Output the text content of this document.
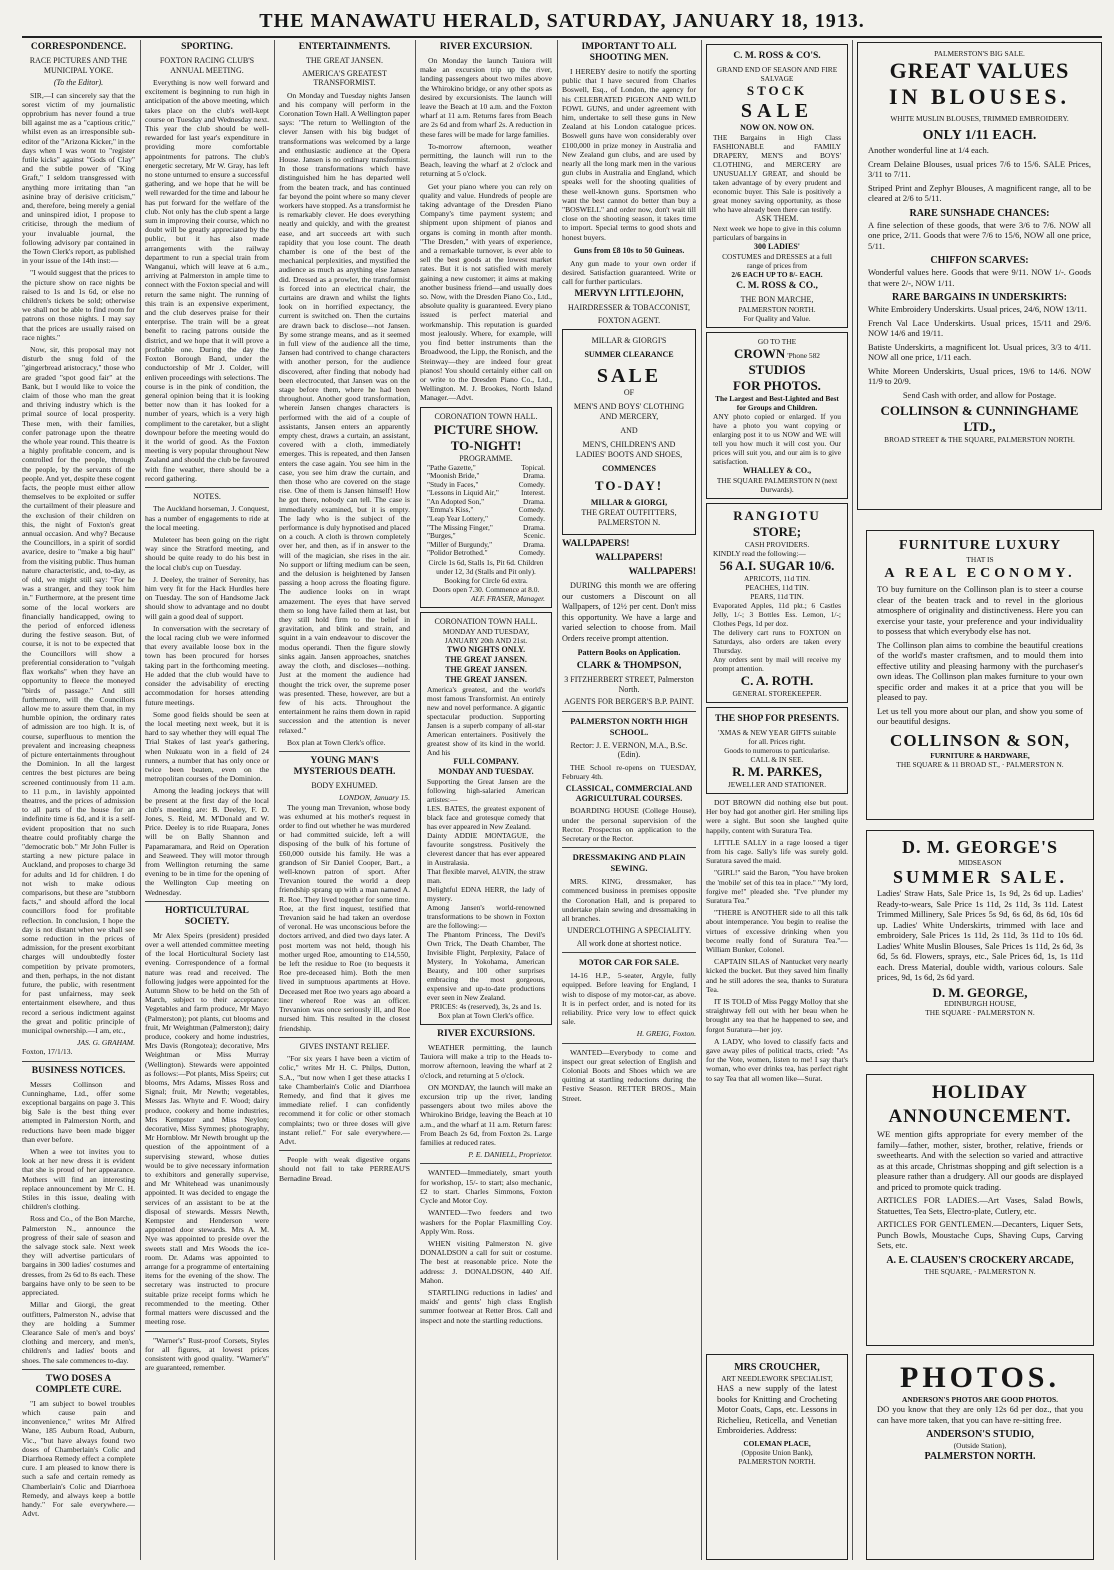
THE MANAWATU HERALD, SATURDAY, JANUARY 18, 1913.
CORRESPONDENCE.
RACE PICTURES AND THE MUNICIPAL YOKE.
(To the Editor).

SIR,—I can sincerely say that the sorest victim of my journalistic opprobrium has never found a true bill against me as a "captious critic," whilst even as an irresponsible sub-editor of the "Arizona Kicker," in the days when I was wont to "register futile kicks" against "Gods of Clay" and the subtle power of "King Graft," I seldom transgressed with anything more irritating than "an asinine bray of derisive criticism," and, therefore, being merely a genial and uninspired idiot, I propose to criticise, through the medium of your invaluable journal, the following advisory par contained in the Town Clerk's report, as published in your issue of the 14th inst:—

"I would suggest that the prices to the picture show on race nights be raised to 1s and 1s 6d, or else no children's tickets be sold; otherwise we shall not be able to find room for patrons on those nights. I may say that the prices are usually raised on race nights."

Now, sir, this proposal may not disturb the snug fold of the "gingerbread aristocracy," those who are graded "spot good fair" at the Bank, but I would like to voice the claim of those who man the great and thriving industry which is the primal source of local prosperity. These men, with their families, confer patronage upon the theatre the whole year round. This theatre is a highly profitable concern, and is controlled for the people, through the people, by the servants of the people. And yet, despite these cogent facts, the people must either allow themselves to be exploited or suffer the curtailment of their pleasure and the exclusion of their children on this, the night of Foxton's great annual occasion. And why? Because the Councillors, in a spirit of sordid avarice, desire to "make a big haul" from the visiting public. Thus human nature characteristic, and, to-day, as of old, we might still say: "For he was a stranger, and they took him in." Furthermore, at the present time some of the local workers are financially handicapped, owing to the period of enforced idleness during the festive season. But, of course, it is not to be expected that the Councillors will show a preferential consideration to "vulgah flax workahs" when they have an opportunity to fleece the moneyed "birds of passage." And still furthermore, will the Councillors allow me to assure them that, in my humble opinion, the ordinary rates of admission are too high. It is, of course, superfluous to mention the prevalent and increasing cheapness of picture entertainments throughout the Dominion. In all the largest centres the best pictures are being screened continuously from 11 a.m. to 11 p.m., in lavishly appointed theatres, and the prices of admission to all parts of the house for an indefinite time is 6d, and it is a self-evident proposition that no such theatre could profitably charge the "democratic bob." Mr John Fuller is starting a new picture palace in Auckland, and proposes to charge 3d for adults and 1d for children. I do not wish to make odious comparisons, but these are "stubborn facts," and should afford the local councillors food for profitable reflection. In conclusion, I hope the day is not distant when we shall see some reduction in the prices of admission, for the present exorbitant charges will undoubtedly foster competition by private promoters, and then, perhaps, in the not distant future, the public, with resentment for past unfairness, may seek entertainment elsewhere, and thus record a serious indictment against the great and politic principle of municipal ownership.—I am, etc.,

JAS. G. GRAHAM.
Foxton, 17/1/13.
BUSINESS NOTICES.

Messrs Collinson and Cunninghame, Ltd., offer some exceptional bargains on page 3. This big Sale is the best thing ever attempted in Palmerston North, and reductions have been made bigger than ever before.

When a wee tot invites you to look at her new dress it is evident that she is proud of her appearance. Mothers will find an interesting replace announcement by Mr C. H. Stiles in this issue, dealing with children's clothing.

Ross and Co., of the Bon Marche, Palmerston N., announce the progress of their sale of season and the salvage stock sale. Next week they will advertise particulars of bargains in 300 ladies' costumes and dresses, from 2s 6d to 8s each. These bargains have only to be seen to be appreciated.

Millar and Giorgi, the great outfitters, Palmerston N., advise that they are holding a Summer Clearance Sale of men's and boys' clothing and mercery, and men's, children's and ladies' boots and shoes. The sale commences to-day.

TWO DOSES A COMPLETE CURE.

"I am subject to bowel troubles which cause pain and inconvenience," writes Mr Alfred Wane, 185 Auburn Road, Auburn, Vic., "but have always found two doses of Chamberlain's Colic and Diarrhoea Remedy effect a complete cure. I am pleased to know there is such a safe and certain remedy as Chamberlain's Colic and Diarrhoea Remedy, and always keep a bottle handy." For sale everywhere.—Advt.

SPORTING.
FOXTON RACING CLUB'S ANNUAL MEETING.

Everything is now well forward and excitement is beginning to run high in anticipation of the above meeting, which takes place on the club's well-kept course on Tuesday and Wednesday next. This year the club should be well-rewarded for last year's expenditure in providing more comfortable appointments for patrons. The club's energetic secretary, Mr W. Gray, has left no stone unturned to ensure a successful gathering, and we hope that he will be well rewarded for the time and labour he has put forward for the welfare of the club. Not only has the club spent a large sum in improving their course, which no doubt will be greatly appreciated by the public, but it has also made arrangements with the railway department to run a special train from Wanganui, which will leave at 6 a.m., arriving at Palmerston in ample time to connect with the Foxton special and will return the same night. The running of this train is an expensive experiment, and the club deserves praise for their enterprise. The train will be a great benefit to racing patrons outside the district, and we hope that it will prove a profitable one. During the day the Foxton Borough Band, under the conductorship of Mr J. Colder, will enliven proceedings with selections. The course is in the pink of condition, the general opinion being that it is looking better now than it has looked for a number of years, which is a very high compliment to the caretaker, but a slight downpour before the meeting would do it the world of good. As the Foxton meeting is very popular throughout New Zealand and should the club be favoured with fine weather, there should be a record gathering.

NOTES.

The Auckland horseman, J. Conquest, has a number of engagements to ride at the local meeting.

Muleteer has been going on the right way since the Stratford meeting, and should be quite ready to do his best in the local club's cup on Tuesday.

J. Deeley, the trainer of Serenity, has him very fit for the Hack Hurdles here on Tuesday. The son of Handsome Jack should show to advantage and no doubt will gain a good deal of support.

In conversation with the secretary of the local racing club we were informed that every available loose box in the town has been procured for horses taking part in the forthcoming meeting. He added that the club would have to consider the advisability of erecting accommodation for horses attending future meetings.

Some good fields should be seen at the local meeting next week, but it is hard to say whether they will equal The Trial Stakes of last year's gathering, when Nukuatu won in a field of 24 runners, a number that has only once or twice been beaten, even on the metropolitan courses of the Dominion.

Among the leading jockeys that will be present at the first day of the local club's meeting are: B. Deeley, F. D. Jones, S. Reid, M. M'Donald and W. Price. Deeley is to ride Ruapara, Jones will be on Bally Shannon and Papamaramara, and Reid on Operation and Seaweed. They will motor through from Wellington returning the same evening to be in time for the opening of the Wellington Cup meeting on Wednesday.

HORTICULTURAL SOCIETY.

Mr Alex Speirs (president) presided over a well attended committee meeting of the local Horticultural Society last evening. Correspondence of a formal nature was read and received. The following judges were appointed for the Autumn Show to be held on the 5th of March, subject to their acceptance: Vegetables and farm produce, Mr Mayo (Palmerston); pot plants, cut blooms and fruit, Mr Weightman (Palmerston); dairy produce, cookery and home industries, Mrs Davis (Rongotea); decorative, Mrs Weightman or Miss Murray (Wellington). Stewards were appointed as follows:—Pot plants, Miss Speirs; cut blooms, Mrs Adams, Misses Ross and Signal; fruit, Mr Newth; vegetables, Messrs Jas. Whyte and F. Wood; dairy produce, cookery and home industries, Mrs Kempster and Miss Neylon; decorative, Miss Symmes; photography, Mr Hornblow. Mr Newth brought up the question of the appointment of a supervising steward, whose duties would be to give necessary information to exhibitors and generally supervise, and Mr Whitehead was unanimously appointed. It was decided to engage the services of an assistant to be at the disposal of stewards. Messrs Newth, Kempster and Henderson were appointed door stewards. Mrs A. M. Nye was appointed to preside over the sweets stall and Mrs Woods the ice-room. Dr. Adams was appointed to arrange for a programme of entertaining items for the evening of the show. The secretary was instructed to procure suitable prize receipt forms which he recommended to the meeting. Other formal matters were discussed and the meeting rose.

"Warner's" Rust-proof Corsets, Styles for all figures, at lowest prices consistent with good quality. "Warner's" are guaranteed, remember.

ENTERTAINMENTS.
THE GREAT JANSEN.
AMERICA'S GREATEST TRANSFORMIST.

On Monday and Tuesday nights Jansen and his company will perform in the Coronation Town Hall. A Wellington paper says: "The return to Wellington of the clever Jansen with his big budget of transformations was welcomed by a large and enthusiastic audience at the Opera House. Jansen is no ordinary transformist. In those transformations which have distinguished him he has departed well from the beaten track, and has continued far beyond the point where so many clever workers have stopped. As a transformist he is remarkably clever. He does everything neatly and quickly, and with the greatest ease, and art succeeds art with such rapidity that you lose count. The death chamber is one of the best of the mechanical perplexities, and mystified the audience as much as anything else Jansen did. Dressed as a prowler, the transformist is forced into an electrical chair, the curtains are drawn and whilst the lights look on in horrified expectancy, the current is switched on. Then the curtains are drawn back to disclose—not Jansen. By some strange means, and as it seemed in full view of the audience all the time, Jansen had contrived to change characters with another person, for the audience discovered, after finding that nobody had been electrocuted, that Jansen was on the stage before them, where he had been throughout. Another good transformation, wherein Jansen changes characters is performed with the aid of a couple of assistants, Jansen enters an apparently empty chest, draws a curtain, an assistant, covered with a cloth, immediately emerges. This is repeated, and then Jansen enters the case again. You see him in the case, you see him draw the curtain, and then those who are covered on the stage rise. One of them is Jansen himself! How he got there, nobody can tell. The case is immediately examined, but it is empty. The lady who is the subject of the performance is duly hypnotised and placed on a couch. A cloth is thrown completely over her, and then, as if in answer to the will of the magician, she rises in the air. No support or lifting medium can be seen, and the delusion is heightened by Jansen passing a hoop across the floating figure. The audience looks on in wrapt amazement. The eyes that have served them so long have failed them at last, but they still hold firm to the belief in gravitation, and blink and strain, and squint in a vain endeavour to discover the modus operandi. Then the figure slowly sinks again. Jansen approaches, snatches away the cloth, and discloses—nothing. Just at the moment the audience had thought the trick over, the supreme poser was presented. These, however, are but a few of his acts. Throughout the entertainment he rains them down in rapid succession and the attention is never relaxed."

Box plan at Town Clerk's office.

YOUNG MAN'S MYSTERIOUS DEATH.
BODY EXHUMED.
LONDON, January 15.

The young man Trevanion, whose body was exhumed at his mother's request in order to find out whether he was murdered or had committed suicide, left a will disposing of the bulk of his fortune of £60,000 outside his family. He was a grandson of Sir Daniel Cooper, Bart., a well-known patron of sport. After Trevanion toured the world a deep friendship sprang up with a man named A. R. Roe. They lived together for some time. Roe, at the first inquest, testified that Trevanion said he had taken an overdose of veronal. He was unconscious before the doctors arrived, and died two days later. A post mortem was not held, though his mother urged Roe, amounting to £14,550, be left the residue to Roe (to bequests it Roe pre-deceased him). Both the men lived in sumptuous apartments at Hove. Deceased met Roe two years ago aboard a liner whereof Roe was an officer. Trevanion was once seriously ill, and Roe nursed him. This resulted in the closest friendship.

GIVES INSTANT RELIEF.

"For six years I have been a victim of colic," writes Mr H. C. Philps, Dutton, S.A., "but now when I get these attacks I take Chamberlain's Colic and Diarrhoea Remedy, and find that it gives me immediate relief. I can confidently recommend it for colic or other stomach complaints; two or three doses will give instant relief." For sale everywhere.—Advt.

People with weak digestive organs should not fail to take PERREAU'S Bernadine Bread.

RIVER EXCURSION.

On Monday the launch Tauiora will make an excursion trip up the river, landing passengers about two miles above the Whirokino bridge, or any other spots as desired by excursionists. The launch will leave the Beach at 10 a.m. and the Foxton wharf at 11 a.m. Returns fares from Beach are 2s 6d and from wharf 2s. A reduction in these fares will be made for large families.

To-morrow afternoon, weather permitting, the launch will run to the Beach, leaving the wharf at 2 o'clock and returning at 5 o'clock.

Get your piano where you can rely on quality and value. Hundreds of people are taking advantage of the Dresden Piano Company's time payment system; and shipment upon shipment of pianos and organs is coming in month after month. "The Dresden," with years of experience, and a remarkable turnover, is ever able to sell the best goods at the lowest market rates. But it is not satisfied with merely gaining a new customer; it aims at making another business friend—and usually does so. Now, with the Dresden Piano Co., Ltd., absolute quality is guaranteed. Every piano issued is perfect material and workmanship. This reputation is guarded most jealously. Where, for example, will you find better instruments than the Broadwood, the Lipp, the Ronisch, and the Steinway—they are indeed four great pianos! You should certainly either call on or write to the Dresden Piano Co., Ltd., Wellington. M. J. Brookes, North Island Manager.—Advt.

CORONATION TOWN HALL.
PICTURE SHOW. TO-NIGHT!
PROGRAMME.
"Pathe Gazette,"	Topical.
"Moonish Bride,"	Drama.
"Study in Faces,"	Comedy.
"Lessons in Liquid Air,"	Interest.
"An Adopted Son,"	Drama.
"Emma's Kiss,"	Comedy.
"Leap Year Lottery,"	Comedy.
"The Missing Finger,"	Drama.
"Burges,"	Scenic.
"Miller of Burgundy,"	Drama.
"Polidor Betrothed."	Comedy.
Circle 1s 6d, Stalls 1s, Pit 6d. Children under 12, 3d (Stalls and Pit only). Booking for Circle 6d extra.
Doors open 7.30. Commence at 8.0.
ALF. FRASER, Manager.
CORONATION TOWN HALL.
MONDAY AND TUESDAY, JANUARY 20th AND 21st.
TWO NIGHTS ONLY.
THE GREAT JANSEN.
THE GREAT JANSEN.
THE GREAT JANSEN.
America's greatest, and the world's most famous Transformist. An entirely new and novel performance. A gigantic spectacular production. Supporting Jansen is a superb company of all-star American entertainers. Positively the greatest show of its kind in the world. And his
FULL COMPANY.
MONDAY AND TUESDAY.
Supporting the Great Jansen are the following high-salaried American artistes:—
LES. BATES, the greatest exponent of black face and grotesque comedy that has ever appeared in New Zealand.
Dainty ADDIE MONTAGUE, the favourite songstress. Positively the cleverest dancer that has ever appeared in Australasia.
That flexible marvel, ALVIN, the straw man.
Delightful EDNA HERR, the lady of mystery.
Among Jansen's world-renowned transformations to be shown in Foxton are the following:—
The Phantom Princess, The Devil's Own Trick, The Death Chamber, The Invisible Flight, Perplexity, Palace of Mystery, In Yokohama, American Beauty, and 100 other surprises embracing the most gorgeous, expensive and up-to-date productions ever seen in New Zealand.
PRICES: 4s (reserved), 3s, 2s and 1s.
Box plan at Town Clerk's office.
RIVER EXCURSIONS.

WEATHER permitting, the launch Tauiora will make a trip to the Heads to-morrow afternoon, leaving the wharf at 2 o'clock, and returning at 5 o'clock.

ON MONDAY, the launch will make an excursion trip up the river, landing passengers about two miles above the Whirokino Bridge, leaving the Beach at 10 a.m., and the wharf at 11 a.m. Return fares: From Beach 2s 6d, from Foxton 2s. Large families at reduced rates.

P. E. DANIELL, Proprietor.

WANTED—Immediately, smart youth for workshop, 15/- to start; also mechanic, £2 to start. Charles Simmons, Foxton Cycle and Motor Coy.

WANTED—Two feeders and two washers for the Poplar Flaxmilling Coy. Apply Wm. Ross.

WHEN visiting Palmerston N. give DONALDSON a call for suit or costume. The best at reasonable price. Note the address: J. DONALDSON, 440 Alf. Mahon.

STARTLING reductions in ladies' and maids' and gents' high class English summer footwear at Retter Bros. Call and inspect and note the startling reductions.

IMPORTANT TO ALL SHOOTING MEN.

I HEREBY desire to notify the sporting public that I have secured from Charles Boswell, Esq., of London, the agency for his CELEBRATED PIGEON AND WILD FOWL GUNS, and under agreement with him, undertake to sell these guns in New Zealand at his London catalogue prices. Boswell guns have won considerably over £100,000 in prize money in Australia and New Zealand gun clubs, and are used by nearly all the long mark men in the various gun clubs in Australia and England, which speaks well for the shooting qualities of these well-known guns. Sportsmen who want the best cannot do better than buy a "BOSWELL" and order now, don't wait till close on the shooting season, it takes time to import. Special terms to good shots and honest buyers.

Guns from £8 10s to 50 Guineas.

Any gun made to your own order if desired. Satisfaction guaranteed. Write or call for further particulars.

MERVYN LITTLEJOHN,
HAIRDRESSER & TOBACCONIST,
FOXTON AGENT.
MILLAR & GIORGI'S
SUMMER CLEARANCE
SALE
OF
MEN'S AND BOYS' CLOTHING AND MERCERY,
AND
MEN'S, CHILDREN'S AND LADIES' BOOTS AND SHOES,
COMMENCES
TO-DAY!
MILLAR & GIORGI,
THE GREAT OUTFITTERS,
PALMERSTON N.
WALLPAPERS!
WALLPAPERS!
WALLPAPERS!

DURING this month we are offering our customers a Discount on all Wallpapers, of 12½ per cent. Don't miss this opportunity. We have a large and varied selection to choose from. Mail Orders receive prompt attention.

Pattern Books on Application.
CLARK & THOMPSON,
3 FITZHERBERT STREET, Palmerston North.
AGENTS FOR BERGER'S B.P. PAINT.
PALMERSTON NORTH HIGH SCHOOL.
Rector: J. E. VERNON, M.A., B.Sc. (Edin).

THE School re-opens on TUESDAY, February 4th.

CLASSICAL, COMMERCIAL AND AGRICULTURAL COURSES.

BOARDING HOUSE (College House), under the personal supervision of the Rector. Prospectus on application to the Secretary or the Rector.

DRESSMAKING AND PLAIN SEWING.

MRS. KING, dressmaker, has commenced business in premises opposite the Coronation Hall, and is prepared to undertake plain sewing and dressmaking in all branches.

UNDERCLOTHING A SPECIALITY.
All work done at shortest notice.
MOTOR CAR FOR SALE.

14-16 H.P., 5-seater, Argyle, fully equipped. Before leaving for England, I wish to dispose of my motor-car, as above. It is in perfect order, and is noted for its reliability. Price very low to effect quick sale.

H. GREIG, Foxton.

WANTED—Everybody to come and inspect our great selection of English and Colonial Boots and Shoes which we are quitting at startling reductions during the Festive Season. RETTER BROS., Main Street.

C. M. ROSS & CO'S.
GRAND END OF SEASON AND FIRE SALVAGE
STOCK
SALE
NOW ON. NOW ON.
THE Bargains in High Class FASHIONABLE and FAMILY DRAPERY, MEN'S and BOYS' CLOTHING, and MERCERY are UNUSUALLY GREAT, and should be taken advantage of by every prudent and economic buyer. This Sale is positively a great money saving opportunity, as those who have already been there can testify.
ASK THEM.
Next week we hope to give in this column particulars of bargains in
300 LADIES'
COSTUMES and DRESSES at a full range of prices from
2/6 EACH UP TO 8/- EACH.
C. M. ROSS & CO.,
THE BON MARCHE,
PALMERSTON NORTH.
For Quality and Value.
GO TO THE
CROWN 'Phone 582
STUDIOS
FOR PHOTOS.
The Largest and Best-Lighted and Best for Groups and Children.
ANY photo copied or enlarged. If you have a photo you want copying or enlarging post it to us NOW and WE will tell you how much it will cost you. Our prices will suit you, and our aim is to give satisfaction.
WHALLEY & CO.,
THE SQUARE PALMERSTON N (next Durwards).
RANGIOTU
STORE;
CASH PROVIDERS.
KINDLY read the following:—
56 A.I. SUGAR 10/6.
APRICOTS, 11d TIN.
PEACHES, 11d TIN.
PEARS, 11d TIN.
Evaporated Apples, 11d pkt.; 6 Castles Jelly, 1/-; 3 Bottles Ess. Lemon, 1/-; Clothes Pegs, 1d per doz.
The delivery cart runs to FOXTON on Saturdays, also orders are taken every Thursday.
Any orders sent by mail will receive my prompt attention.
C. A. ROTH.
GENERAL STOREKEEPER.
THE SHOP FOR PRESENTS.
'XMAS & NEW YEAR GIFTS suitable for all. Prices right.
Goods to numerous to particularise.
CALL & IN SEE.
R. M. PARKES,
JEWELLER AND STATIONER.

DOT BROWN did nothing else but pout. Her boy had got another girl. Her smiling lips were a sight. But soon she laughed quite happily, content with Suratura Tea.

LITTLE SALLY in a rage loosed a tiger from his cage. Sally's life was surely gold. Suratura saved the maid.

"GIRL!" said the Baron, "You have broken the 'mobile' set of this tea in place." "My lord, forgive me!" pleaded she. "I've plunder my Suratura Tea."

"THERE is ANOTHER side to all this talk about intemperance. You begin to realise the virtues of excessive drinking when you become really fond of Suratura Tea."—William Bunker, Colonel.

CAPTAIN SILAS of Nantucket very nearly kicked the bucket. But they saved him finally and he still adores the sea, thanks to Suratura Tea.

IT IS TOLD of Miss Peggy Molloy that she straightway fell out with her beau when he brought any tea that he happened to see, and forgot Suratura—her joy.

A LADY, who loved to classify facts and gave away piles of political tracts, cried: "As for the Vote, women, listen to me! I say that's woman, who ever drinks tea, has perfect right to say Tea that all women like—Surat.

PALMERSTON'S BIG SALE.
GREAT VALUES
IN BLOUSES.
WHITE MUSLIN BLOUSES, TRIMMED EMBROIDERY.
ONLY 1/11 EACH.

Another wonderful line at 1/4 each.

Cream Delaine Blouses, usual prices 7/6 to 15/6. SALE Prices, 3/11 to 7/11.

Striped Print and Zephyr Blouses, A magnificent range, all to be cleared at 2/6 to 5/11.

RARE SUNSHADE CHANCES:

A fine selection of these goods, that were 3/6 to 7/6. NOW all one price, 2/11. Goods that were 7/6 to 15/6, NOW all one price, 5/11.

CHIFFON SCARVES:

Wonderful values here. Goods that were 9/11. NOW 1/-. Goods that were 2/-, NOW 1/11.

RARE BARGAINS IN UNDERSKIRTS:

White Embroidery Underskirts. Usual prices, 24/6, NOW 13/11.

French Val Lace Underskirts. Usual prices, 15/11 and 29/6. NOW 14/6 and 19/11.

Batiste Underskirts, a magnificent lot. Usual prices, 3/3 to 4/11. NOW all one price, 1/11 each.

White Moreen Underskirts, Usual prices, 19/6 to 14/6. NOW 11/9 to 20/9.

Send Cash with order, and allow for Postage.

COLLINSON & CUNNINGHAME LTD.,
BROAD STREET & THE SQUARE, PALMERSTON NORTH.
FURNITURE LUXURY
THAT IS
A REAL ECONOMY.

TO buy furniture on the Collinson plan is to steer a course clear of the beaten track and to revel in the glorious atmosphere of originality and distinctiveness. Here you can exercise your taste, your preference and your individuality to possess that which everybody else has not.

The Collinson plan aims to combine the beautiful creations of the world's master craftsmen, and to mould them into effective utility and pleasing harmony with the purchaser's own ideas. The Collinson plan makes furniture to your own specific order and makes it at a price that you will be pleased to pay.

Let us tell you more about our plan, and show you some of our beautiful designs.

COLLINSON & SON,
FURNITURE & HARDWARE,
THE SQUARE & 11 BROAD ST., · PALMERSTON N.
D. M. GEORGE'S
MIDSEASON
SUMMER SALE.

Ladies' Straw Hats, Sale Price 1s, 1s 9d, 2s 6d up. Ladies' Ready-to-wears, Sale Price 1s 11d, 2s 11d, 3s 11d. Latest Trimmed Millinery, Sale Prices 5s 9d, 6s 6d, 8s 6d, 10s 6d up. Ladies' White Underskirts, trimmed with lace and embroidery, Sale Prices 1s 11d, 2s 11d, 3s 11d to 10s 6d. Ladies' White Muslin Blouses, Sale Prices 1s 11d, 2s 6d, 3s 6d, 5s 6d. Flowers, sprays, etc., Sale Prices 6d, 1s, 1s 11d each. Dress Material, double width, various colours. Sale prices, 9d, 1s 6d, 2s 6d yard.

D. M. GEORGE,
EDINBURGH HOUSE,
THE SQUARE · PALMERSTON N.
HOLIDAY ANNOUNCEMENT.

WE mention gifts appropriate for every member of the family—father, mother, sister, brother, relative, friends or sweethearts. And with the selection so varied and attractive as at this arcade, Christmas shopping and gift selection is a pleasure rather than a drudgery. All our goods are displayed and priced to promote quick trading.

ARTICLES FOR LADIES.—Art Vases, Salad Bowls, Statuettes, Tea Sets, Electro-plate, Cutlery, etc.

ARTICLES FOR GENTLEMEN.—Decanters, Liquer Sets, Punch Bowls, Moustache Cups, Shaving Cups, Carving Sets, etc.

A. E. CLAUSEN'S CROCKERY ARCADE,
THE SQUARE, · PALMERSTON N.
MRS CROUCHER,
ART NEEDLEWORK SPECIALIST,

HAS a new supply of the latest books for Knitting and Crocheting Motor Coats, Caps, etc. Lessons in Richelieu, Reticella, and Venetian Embroideries. Address:

COLEMAN PLACE,
(Opposite Union Bank),
PALMERSTON NORTH.
PHOTOS.
ANDERSON'S PHOTOS ARE GOOD PHOTOS.

DO you know that they are only 12s 6d per doz., that you can have more taken, that you can have re-sitting free.

ANDERSON'S STUDIO,
(Outside Station),
PALMERSTON NORTH.
